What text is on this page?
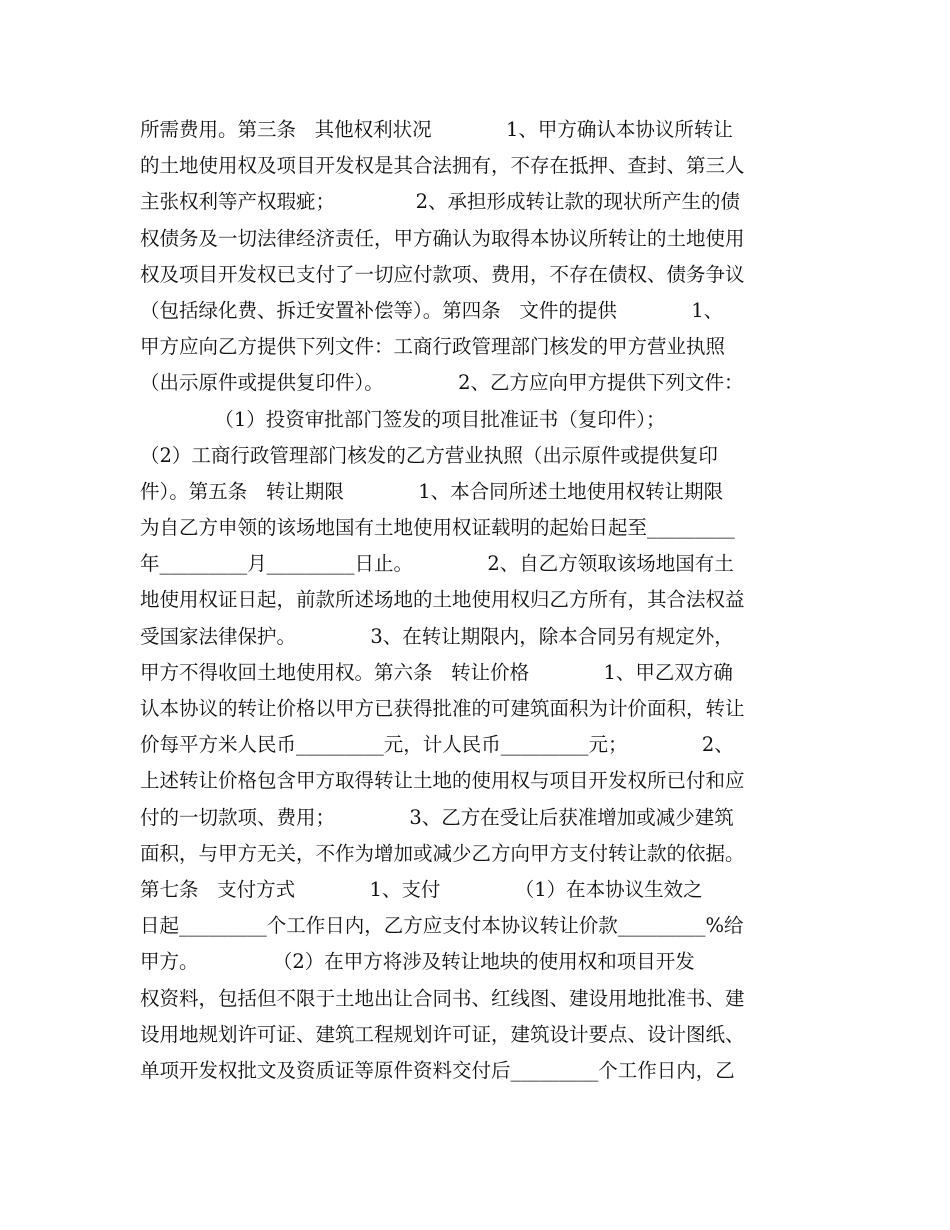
所需费用。第三条   其他权利状况            1、甲方确认本协议所转让
的土地使用权及项目开发权是其合法拥有，不存在抵押、查封、第三人
主张权利等产权瑕疵；             2、承担形成转让款的现状所产生的债
权债务及一切法律经济责任，甲方确认为取得本协议所转让的土地使用
权及项目开发权已支付了一切应付款项、费用，不存在债权、债务争议
（包括绿化费、拆迁安置补偿等）。第四条   文件的提供            1、
甲方应向乙方提供下列文件：工商行政管理部门核发的甲方营业执照
（出示原件或提供复印件）。            2、乙方应向甲方提供下列文件：
（1）投资审批部门签发的项目批准证书（复印件）；
（2）工商行政管理部门核发的乙方营业执照（出示原件或提供复印
件）。第五条   转让期限            1、本合同所述土地使用权转让期限
为自乙方申领的该场地国有土地使用权证载明的起始日起至_________
年_________月_________日止。            2、自乙方领取该场地国有土
地使用权证日起，前款所述场地的土地使用权归乙方所有，其合法权益
受国家法律保护。            3、在转让期限内，除本合同另有规定外，
甲方不得收回土地使用权。第六条   转让价格            1、甲乙双方确
认本协议的转让价格以甲方已获得批准的可建筑面积为计价面积，转让
价每平方米人民币_________元，计人民币_________元；            2、
上述转让价格包含甲方取得转让土地的使用权与项目开发权所已付和应
付的一切款项、费用；            3、乙方在受让后获准增加或减少建筑
面积，与甲方无关，不作为增加或减少乙方向甲方支付转让款的依据。
第七条   支付方式            1、支付            （1）在本协议生效之
日起_________个工作日内，乙方应支付本协议转让价款_________%给
甲方。            （2）在甲方将涉及转让地块的使用权和项目开发
权资料，包括但不限于土地出让合同书、红线图、建设用地批准书、建
设用地规划许可证、建筑工程规划许可证，建筑设计要点、设计图纸、
单项开发权批文及资质证等原件资料交付后_________个工作日内，乙
